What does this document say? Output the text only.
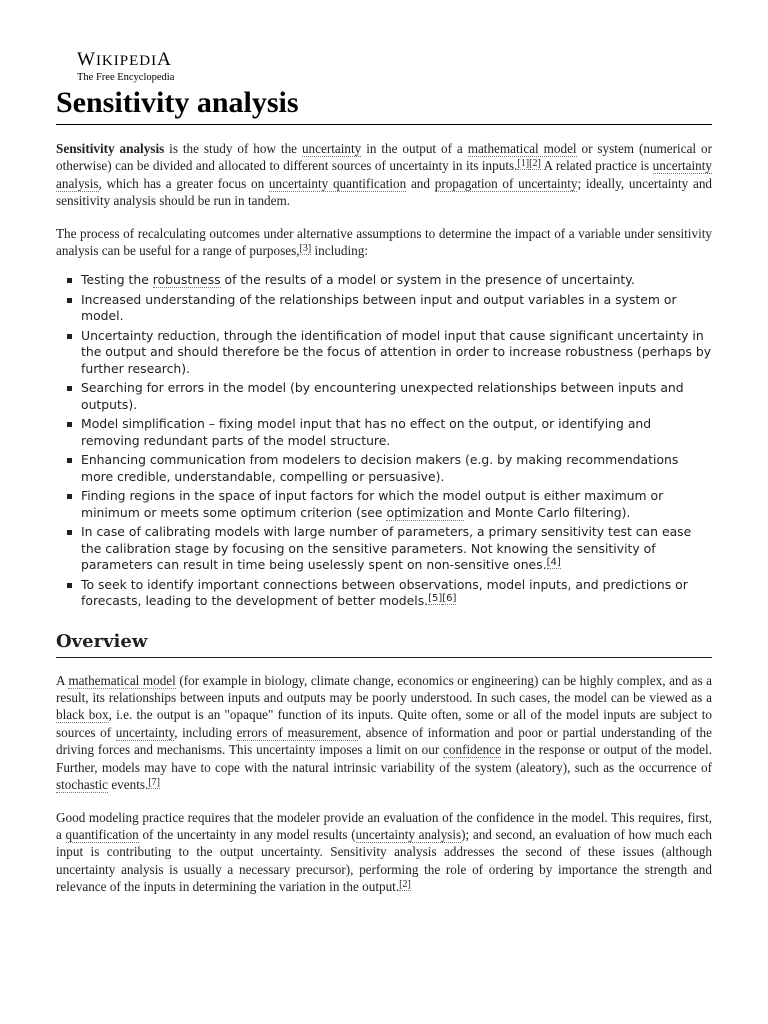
WIKIPEDIA
The Free Encyclopedia
Sensitivity analysis

Sensitivity analysis is the study of how the uncertainty in the output of a mathematical model or system (numerical or otherwise) can be divided and allocated to different sources of uncertainty in its inputs.[1][2] A related practice is uncertainty analysis, which has a greater focus on uncertainty quantification and propagation of uncertainty; ideally, uncertainty and sensitivity analysis should be run in tandem.

The process of recalculating outcomes under alternative assumptions to determine the impact of a variable under sensitivity analysis can be useful for a range of purposes,[3] including:

Testing the robustness of the results of a model or system in the presence of uncertainty.
Increased understanding of the relationships between input and output variables in a system or model.
Uncertainty reduction, through the identification of model input that cause significant uncertainty in the output and should therefore be the focus of attention in order to increase robustness (perhaps by further research).
Searching for errors in the model (by encountering unexpected relationships between inputs and outputs).
Model simplification – fixing model input that has no effect on the output, or identifying and removing redundant parts of the model structure.
Enhancing communication from modelers to decision makers (e.g. by making recommendations more credible, understandable, compelling or persuasive).
Finding regions in the space of input factors for which the model output is either maximum or minimum or meets some optimum criterion (see optimization and Monte Carlo filtering).
In case of calibrating models with large number of parameters, a primary sensitivity test can ease the calibration stage by focusing on the sensitive parameters. Not knowing the sensitivity of parameters can result in time being uselessly spent on non-sensitive ones.[4]
To seek to identify important connections between observations, model inputs, and predictions or forecasts, leading to the development of better models.[5][6]
Overview

A mathematical model (for example in biology, climate change, economics or engineering) can be highly complex, and as a result, its relationships between inputs and outputs may be poorly understood. In such cases, the model can be viewed as a black box, i.e. the output is an "opaque" function of its inputs. Quite often, some or all of the model inputs are subject to sources of uncertainty, including errors of measurement, absence of information and poor or partial understanding of the driving forces and mechanisms. This uncertainty imposes a limit on our confidence in the response or output of the model. Further, models may have to cope with the natural intrinsic variability of the system (aleatory), such as the occurrence of stochastic events.[7]

Good modeling practice requires that the modeler provide an evaluation of the confidence in the model. This requires, first, a quantification of the uncertainty in any model results (uncertainty analysis); and second, an evaluation of how much each input is contributing to the output uncertainty. Sensitivity analysis addresses the second of these issues (although uncertainty analysis is usually a necessary precursor), performing the role of ordering by importance the strength and relevance of the inputs in determining the variation in the output.[2]
